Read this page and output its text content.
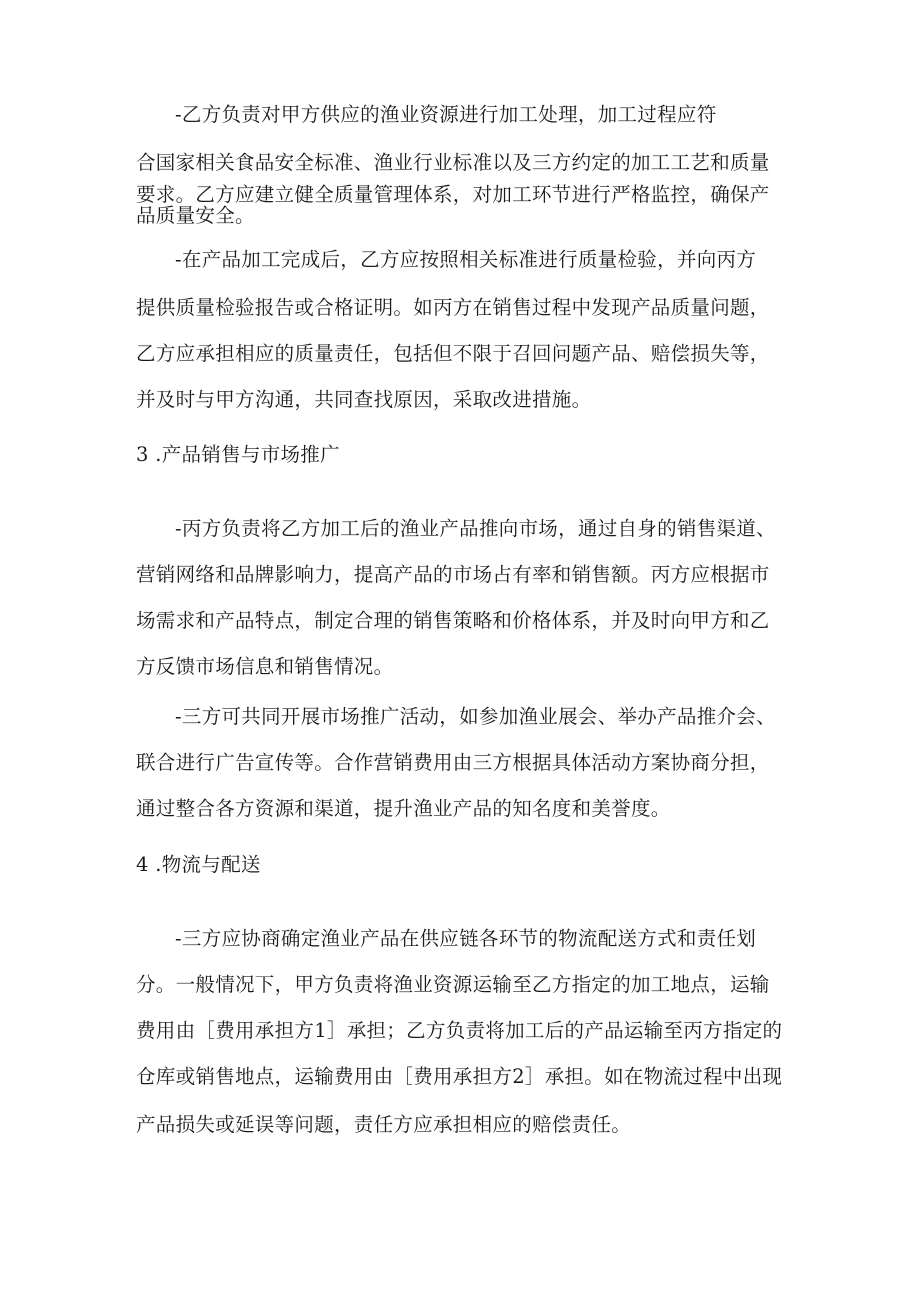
-乙方负责对甲方供应的渔业资源进行加工处理，加工过程应符
合国家相关食品安全标准、渔业行业标准以及三方约定的加工工艺和质量
要求。乙方应建立健全质量管理体系，对加工环节进行严格监控，确保产
品质量安全。
-在产品加工完成后，乙方应按照相关标准进行质量检验，并向丙方
提供质量检验报告或合格证明。如丙方在销售过程中发现产品质量问题，
乙方应承担相应的质量责任，包括但不限于召回问题产品、赔偿损失等，
并及时与甲方沟通，共同查找原因，采取改进措施。
3 .产品销售与市场推广
-丙方负责将乙方加工后的渔业产品推向市场，通过自身的销售渠道、
营销网络和品牌影响力，提高产品的市场占有率和销售额。丙方应根据市
场需求和产品特点，制定合理的销售策略和价格体系，并及时向甲方和乙
方反馈市场信息和销售情况。
-三方可共同开展市场推广活动，如参加渔业展会、举办产品推介会、
联合进行广告宣传等。合作营销费用由三方根据具体活动方案协商分担，
通过整合各方资源和渠道，提升渔业产品的知名度和美誉度。
4 .物流与配送
-三方应协商确定渔业产品在供应链各环节的物流配送方式和责任划
分。一般情况下，甲方负责将渔业资源运输至乙方指定的加工地点，运输
费用由［费用承担方1］承担；乙方负责将加工后的产品运输至丙方指定的
仓库或销售地点，运输费用由［费用承担方2］承担。如在物流过程中出现
产品损失或延误等问题，责任方应承担相应的赔偿责任。
